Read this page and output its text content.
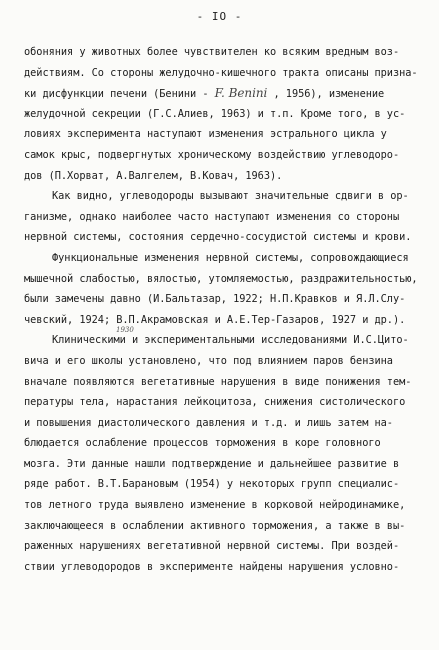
- IO -
обоняния у животных более чувствителен ко всяким вредным воз-
действиям. Со стороны желудочно-кишечного тракта описаны призна-
ки дисфункции печени (Бенини - F. Benini , 1956), изменение
желудочной секреции (Г.С.Алиев, 1963) и т.п. Кроме того, в ус-
ловиях эксперимента наступают изменения эстрального цикла у
самок крыс, подвергнутых хроническому воздействию углеводоро-
дов (П.Хорват, А.Валгелем, В.Ковач, 1963).
Как видно, углеводороды вызывают значительные сдвиги в ор-
ганизме, однако наиболее часто наступают изменения со стороны
нервной системы, состояния сердечно-сосудистой системы и крови.
Функциональные изменения нервной системы, сопровождающиеся
мышечной слабостью, вялостью, утомляемостью, раздражительностью,
были замечены давно (И.Бальтазар, 1922; Н.П.Кравков и Я.Л.Слу-
чевский, 1924; В.П.Акрамовская и А.Е.Тер-Газаров, 1927 и др.).
Клиническими и экспериментальными исследованиями И.С.Цито-
вича и его школы установлено, что под влиянием паров бензина
вначале появляются вегетативные нарушения в виде понижения тем-
пературы тела, нарастания лейкоцитоза, снижения систолического
и повышения диастолического давления и т.д. и лишь затем на-
блюдается ослабление процессов торможения в коре головного
мозга. Эти данные нашли подтверждение и дальнейшее развитие в
ряде работ. В.Т.Барановым (1954) у некоторых групп специалис-
тов летного труда выявлено изменение в корковой нейродинамике,
заключающееся в ослаблении активного торможения, а также в вы-
раженных нарушениях вегетативной нервной системы. При воздей-
ствии углеводородов в эксперименте найдены нарушения условно-
1930
